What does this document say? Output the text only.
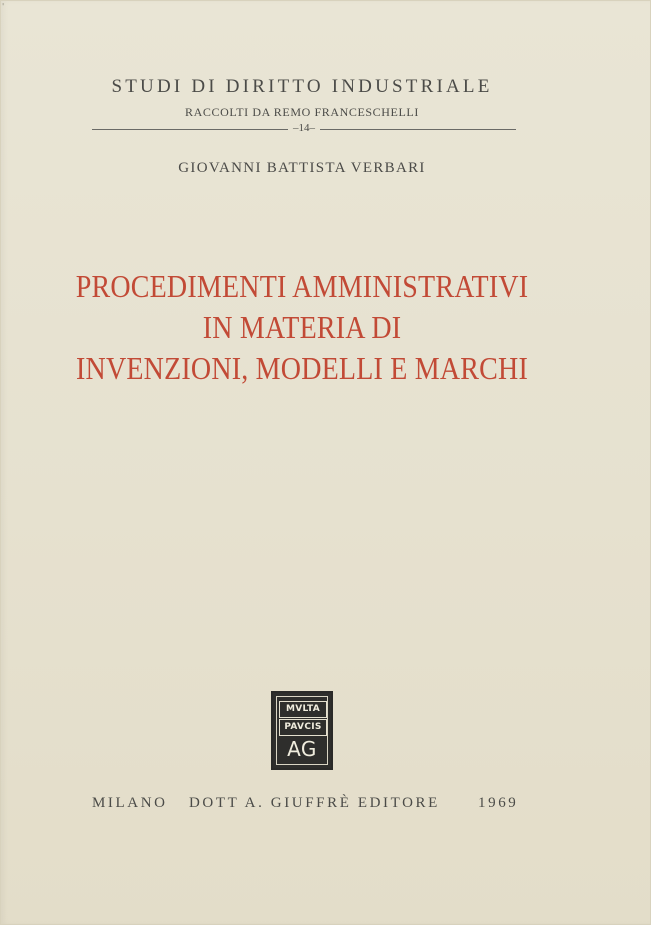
'
STUDI DI DIRITTO INDUSTRIALE
RACCOLTI DA REMO FRANCESCHELLI
–14–
GIOVANNI BATTISTA VERBARI
PROCEDIMENTI AMMINISTRATIVI
IN MATERIA DI
INVENZIONI, MODELLI E MARCHI
MVLTA
PAVCIS
AG
MILANO DOTT A. GIUFFRÈ EDITORE	1969
